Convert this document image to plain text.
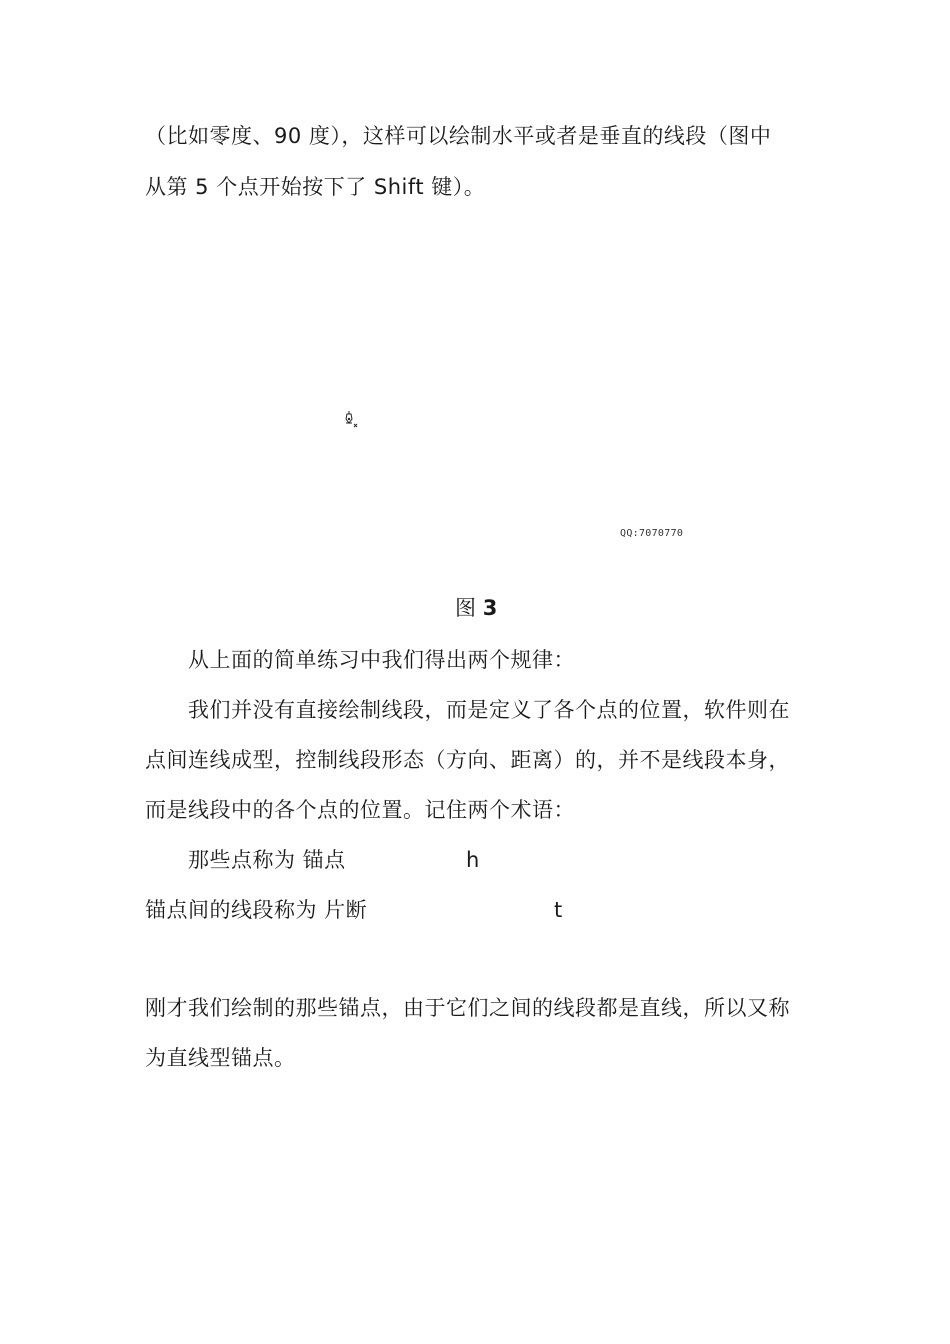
（比如零度、90 度），这样可以绘制水平或者是垂直的线段（图中
从第 5 个点开始按下了 Shift 键）。
QQ:7070770
图 3
从上面的简单练习中我们得出两个规律：
我们并没有直接绘制线段，而是定义了各个点的位置，软件则在
点间连线成型，控制线段形态（方向、距离）的，并不是线段本身，
而是线段中的各个点的位置。记住两个术语：
那些点称为 锚点	h
锚点间的线段称为 片断	t
刚才我们绘制的那些锚点，由于它们之间的线段都是直线，所以又称
为直线型锚点。
